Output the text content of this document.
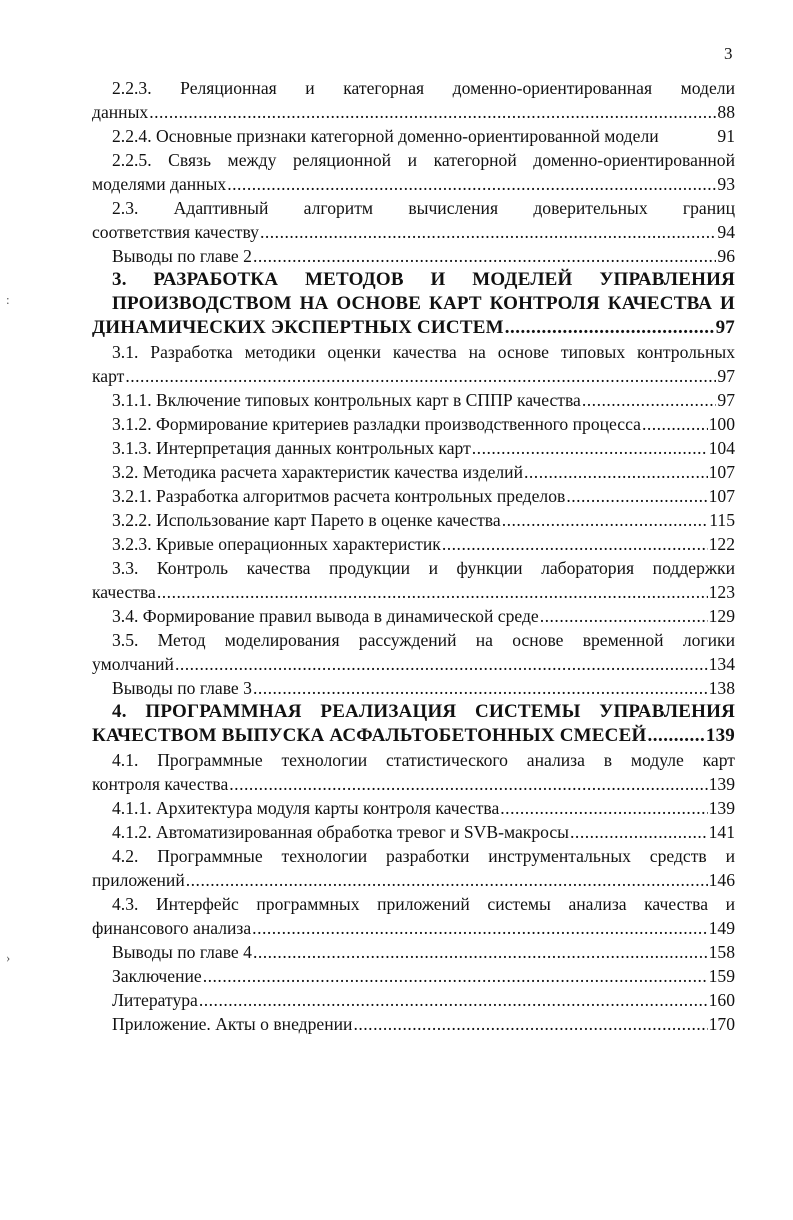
3
:
›
2.2.3. Реляционная и категорная доменно-ориентированная модели
данных .....	88
2.2.4. Основные признаки категорной доменно-ориентированной модели	91
2.2.5. Связь между реляционной и категорной доменно-ориентированной
моделями данных .....	93
2.3. Адаптивный алгоритм вычисления доверительных границ
соответствия качеству .....	94
Выводы по главе 2 .....	96
3. РАЗРАБОТКА МЕТОДОВ И МОДЕЛЕЙ УПРАВЛЕНИЯ
ПРОИЗВОДСТВОМ НА ОСНОВЕ КАРТ КОНТРОЛЯ КАЧЕСТВА И
ДИНАМИЧЕСКИХ ЭКСПЕРТНЫХ СИСТЕМ .....	97
3.1. Разработка методики оценки качества на основе типовых контрольных
карт .....	97
3.1.1. Включение типовых контрольных карт в СППР качества .....	97
3.1.2. Формирование критериев разладки производственного процесса .....	100
3.1.3. Интерпретация данных контрольных карт .....	104
3.2. Методика расчета характеристик качества изделий .....	107
3.2.1. Разработка алгоритмов расчета контрольных пределов .....	107
3.2.2. Использование карт Парето в оценке качества .....	115
3.2.3. Кривые операционных характеристик .....	122
3.3. Контроль качества продукции и функции лаборатория поддержки
качества .....	123
3.4. Формирование правил вывода в динамической среде .....	129
3.5. Метод моделирования рассуждений на основе временной логики
умолчаний .....	134
Выводы по главе 3 .....	138
4. ПРОГРАММНАЯ РЕАЛИЗАЦИЯ СИСТЕМЫ УПРАВЛЕНИЯ
КАЧЕСТВОМ ВЫПУСКА АСФАЛЬТОБЕТОННЫХ СМЕСЕЙ .....	139
4.1. Программные технологии статистического анализа в модуле карт
контроля качества .....	139
4.1.1. Архитектура модуля карты контроля качества .....	139
4.1.2. Автоматизированная обработка тревог и SVB-макросы .....	141
4.2. Программные технологии разработки инструментальных средств и
приложений .....	146
4.3. Интерфейс программных приложений системы анализа качества и
финансового анализа .....	149
Выводы по главе 4 .....	158
Заключение .....	159
Литература .....	160
Приложение. Акты о внедрении .....	170
